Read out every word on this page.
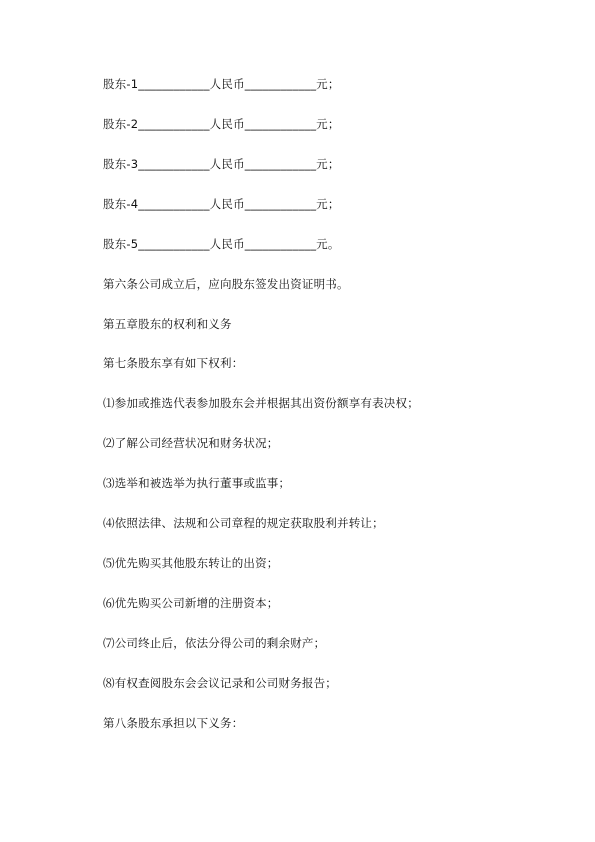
股东-1____________人民币____________元；
股东-2____________人民币____________元；
股东-3____________人民币____________元；
股东-4____________人民币____________元；
股东-5____________人民币____________元。
第六条公司成立后，应向股东签发出资证明书。
第五章股东的权利和义务
第七条股东享有如下权利：
⑴参加或推选代表参加股东会并根据其出资份额享有表决权；
⑵了解公司经营状况和财务状况；
⑶选举和被选举为执行董事或监事；
⑷依照法律、法规和公司章程的规定获取股利并转让；
⑸优先购买其他股东转让的出资；
⑹优先购买公司新增的注册资本；
⑺公司终止后，依法分得公司的剩余财产；
⑻有权查阅股东会会议记录和公司财务报告；
第八条股东承担以下义务：
